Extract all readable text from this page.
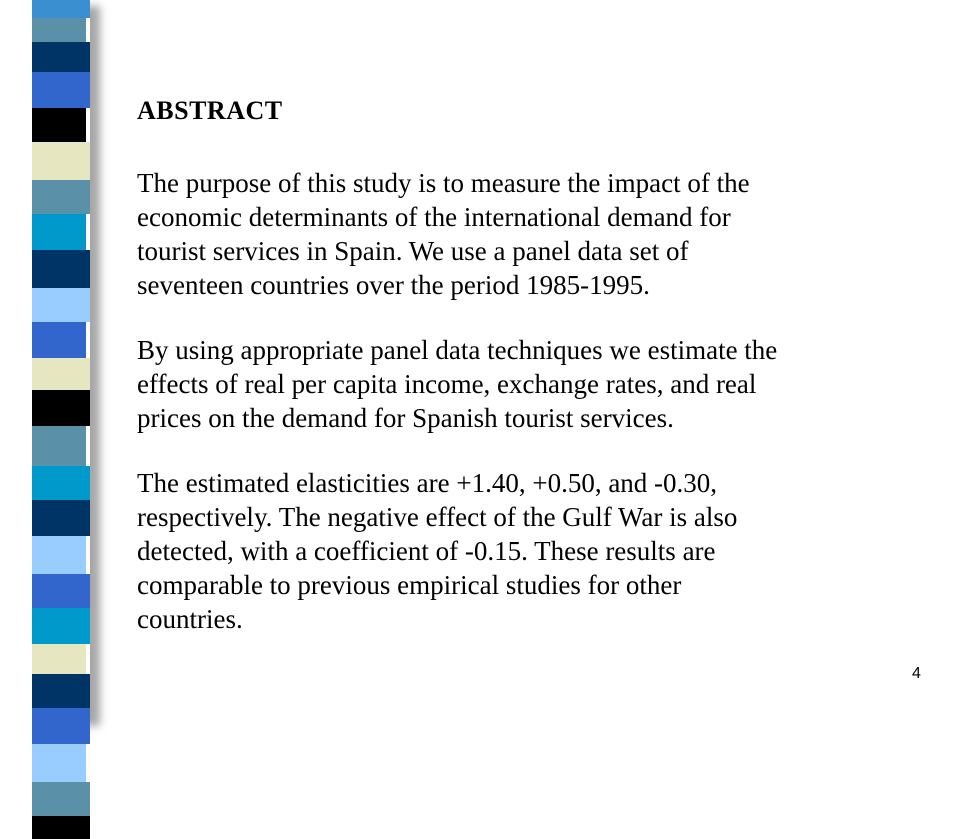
ABSTRACT

The purpose of this study is to measure the impact of the
economic determinants of the international demand for
tourist services in Spain. We use a panel data set of
seventeen countries over the period 1985-1995.

By using appropriate panel data techniques we estimate the
effects of real per capita income, exchange rates, and real
prices on the demand for Spanish tourist services.

The estimated elasticities are +1.40, +0.50, and -0.30,
respectively. The negative effect of the Gulf War is also
detected, with a coefficient of -0.15. These results are
comparable to previous empirical studies for other
countries.

4
